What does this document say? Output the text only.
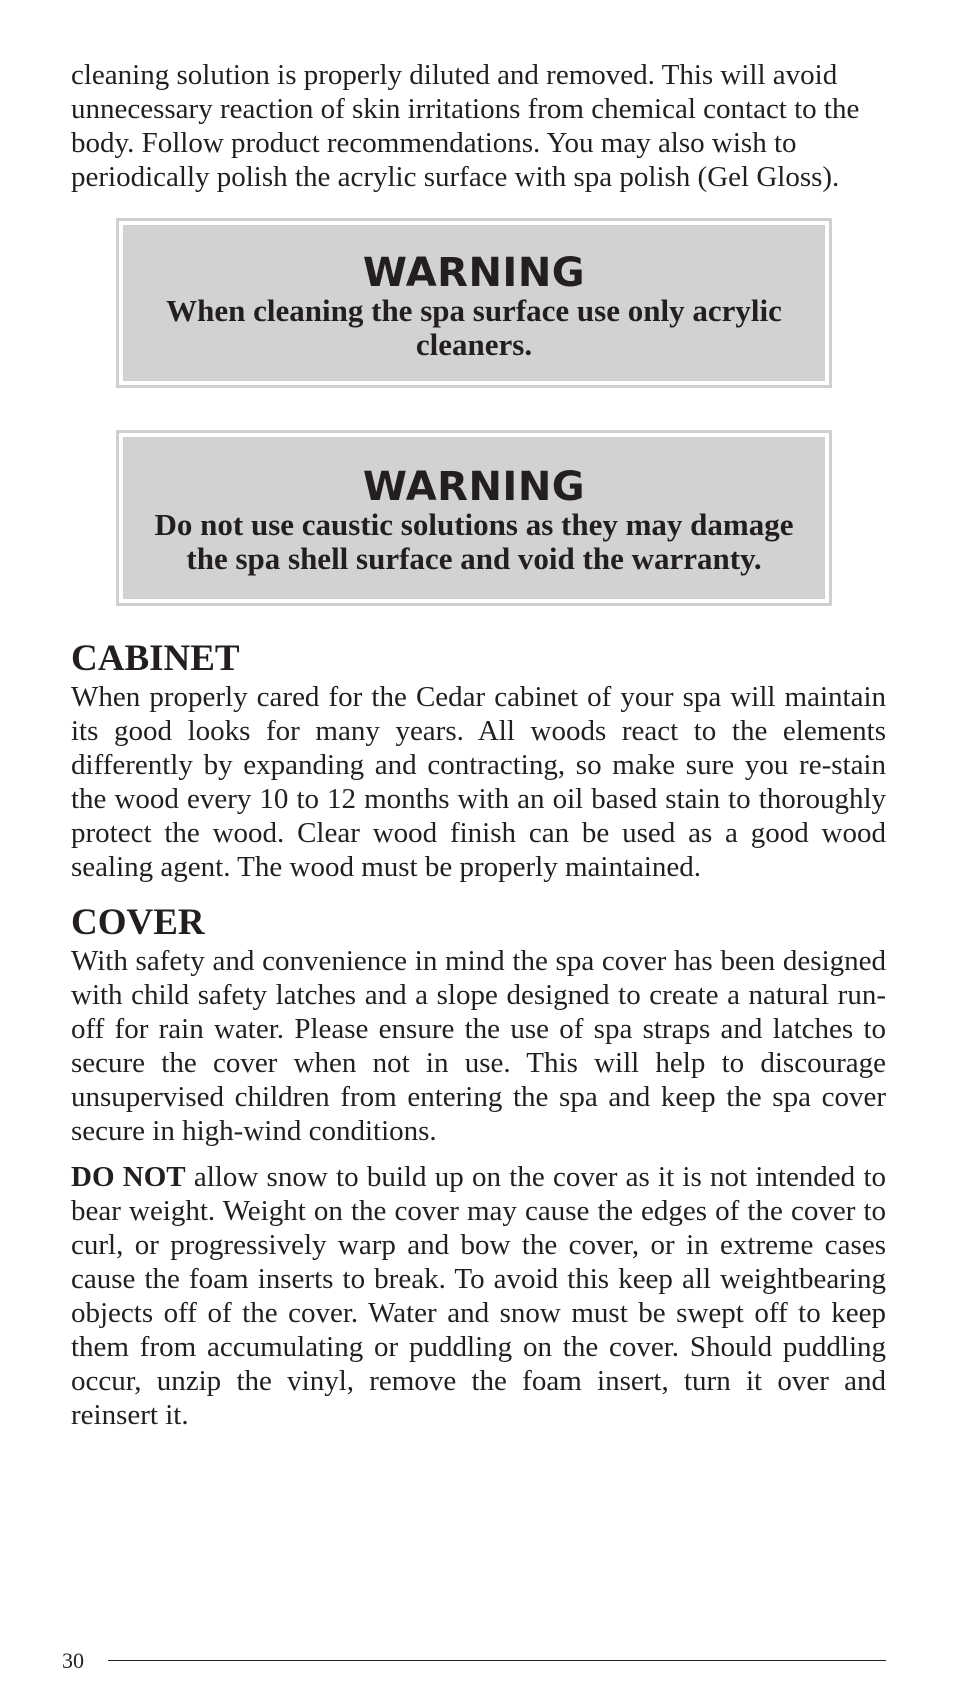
cleaning solution is properly diluted and removed. This will avoid unnecessary reaction of skin irritations from chemical contact to the body. Follow product recommendations. You may also wish to periodically polish the acrylic surface with spa polish (Gel Gloss).

WARNING
When cleaning the spa surface use only acrylic cleaners.
WARNING
Do not use caustic solutions as they may damage the spa shell surface and void the warranty.
CABINET

When properly cared for the Cedar cabinet of your spa will maintain its good looks for many years. All woods react to the elements differently by expanding and contracting, so make sure you re-stain the wood every 10 to 12 months with an oil based stain to thoroughly protect the wood. Clear wood finish can be used as a good wood sealing agent. The wood must be properly maintained.

COVER

With safety and convenience in mind the spa cover has been designed with child safety latches and a slope designed to create a natural run-off for rain water. Please ensure the use of spa straps and latches to secure the cover when not in use. This will help to discourage unsupervised children from entering the spa and keep the spa cover secure in high-wind conditions.

DO NOT allow snow to build up on the cover as it is not intended to bear weight. Weight on the cover may cause the edges of the cover to curl, or progressively warp and bow the cover, or in extreme cases cause the foam inserts to break. To avoid this keep all weightbearing objects off of the cover. Water and snow must be swept off to keep them from accumulating or puddling on the cover. Should puddling occur, unzip the vinyl, remove the foam insert, turn it over and reinsert it.

30
